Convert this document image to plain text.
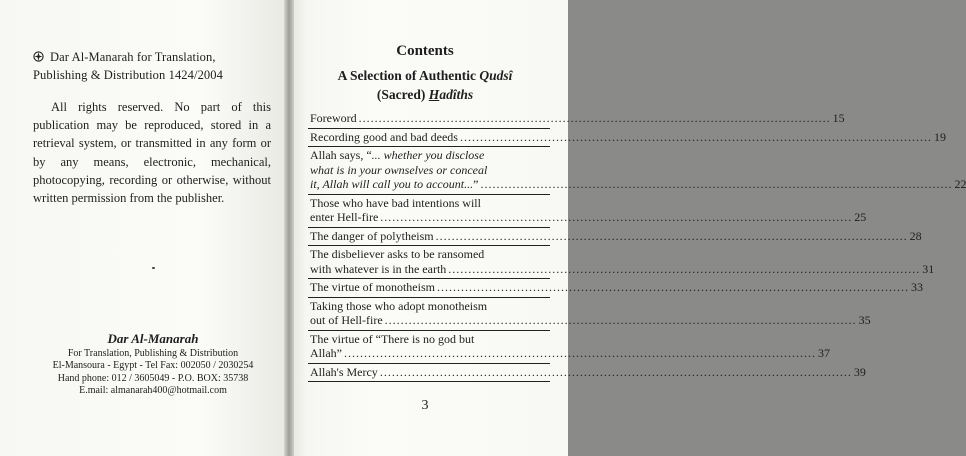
Dar Al-Manarah for Translation, Publishing & Distribution 1424/2004
All rights reserved. No part of this publication may be reproduced, stored in a retrieval system, or transmitted in any form or by any means, electronic, mechanical, photocopying, recording or otherwise, without written permission from the publisher.
Dar Al-Manarah
For Translation, Publishing & Distribution
El-Mansoura - Egypt - Tel Fax: 002050 / 2030254
Hand phone: 012 / 3605049 - P.O. BOX: 35738
E.mail: almanarah400@hotmail.com
Contents
A Selection of Authentic Qudsî
(Sacred) Hadîths
Foreword .....	15
Recording good and bad deeds .....	19
Allah says, “... whether you disclose
what is in your ownselves or conceal
it, Allah will call you to account... ” .....	22
Those who have bad intentions will
enter Hell-fire .....	25
The danger of polytheism .....	28
The disbeliever asks to be ransomed
with whatever is in the earth .....	31
The virtue of monotheism .....	33
Taking those who adopt monotheism
out of Hell-fire .....	35
The virtue of “There is no god but
Allah” .....	37
Allah's Mercy .....	39
3
